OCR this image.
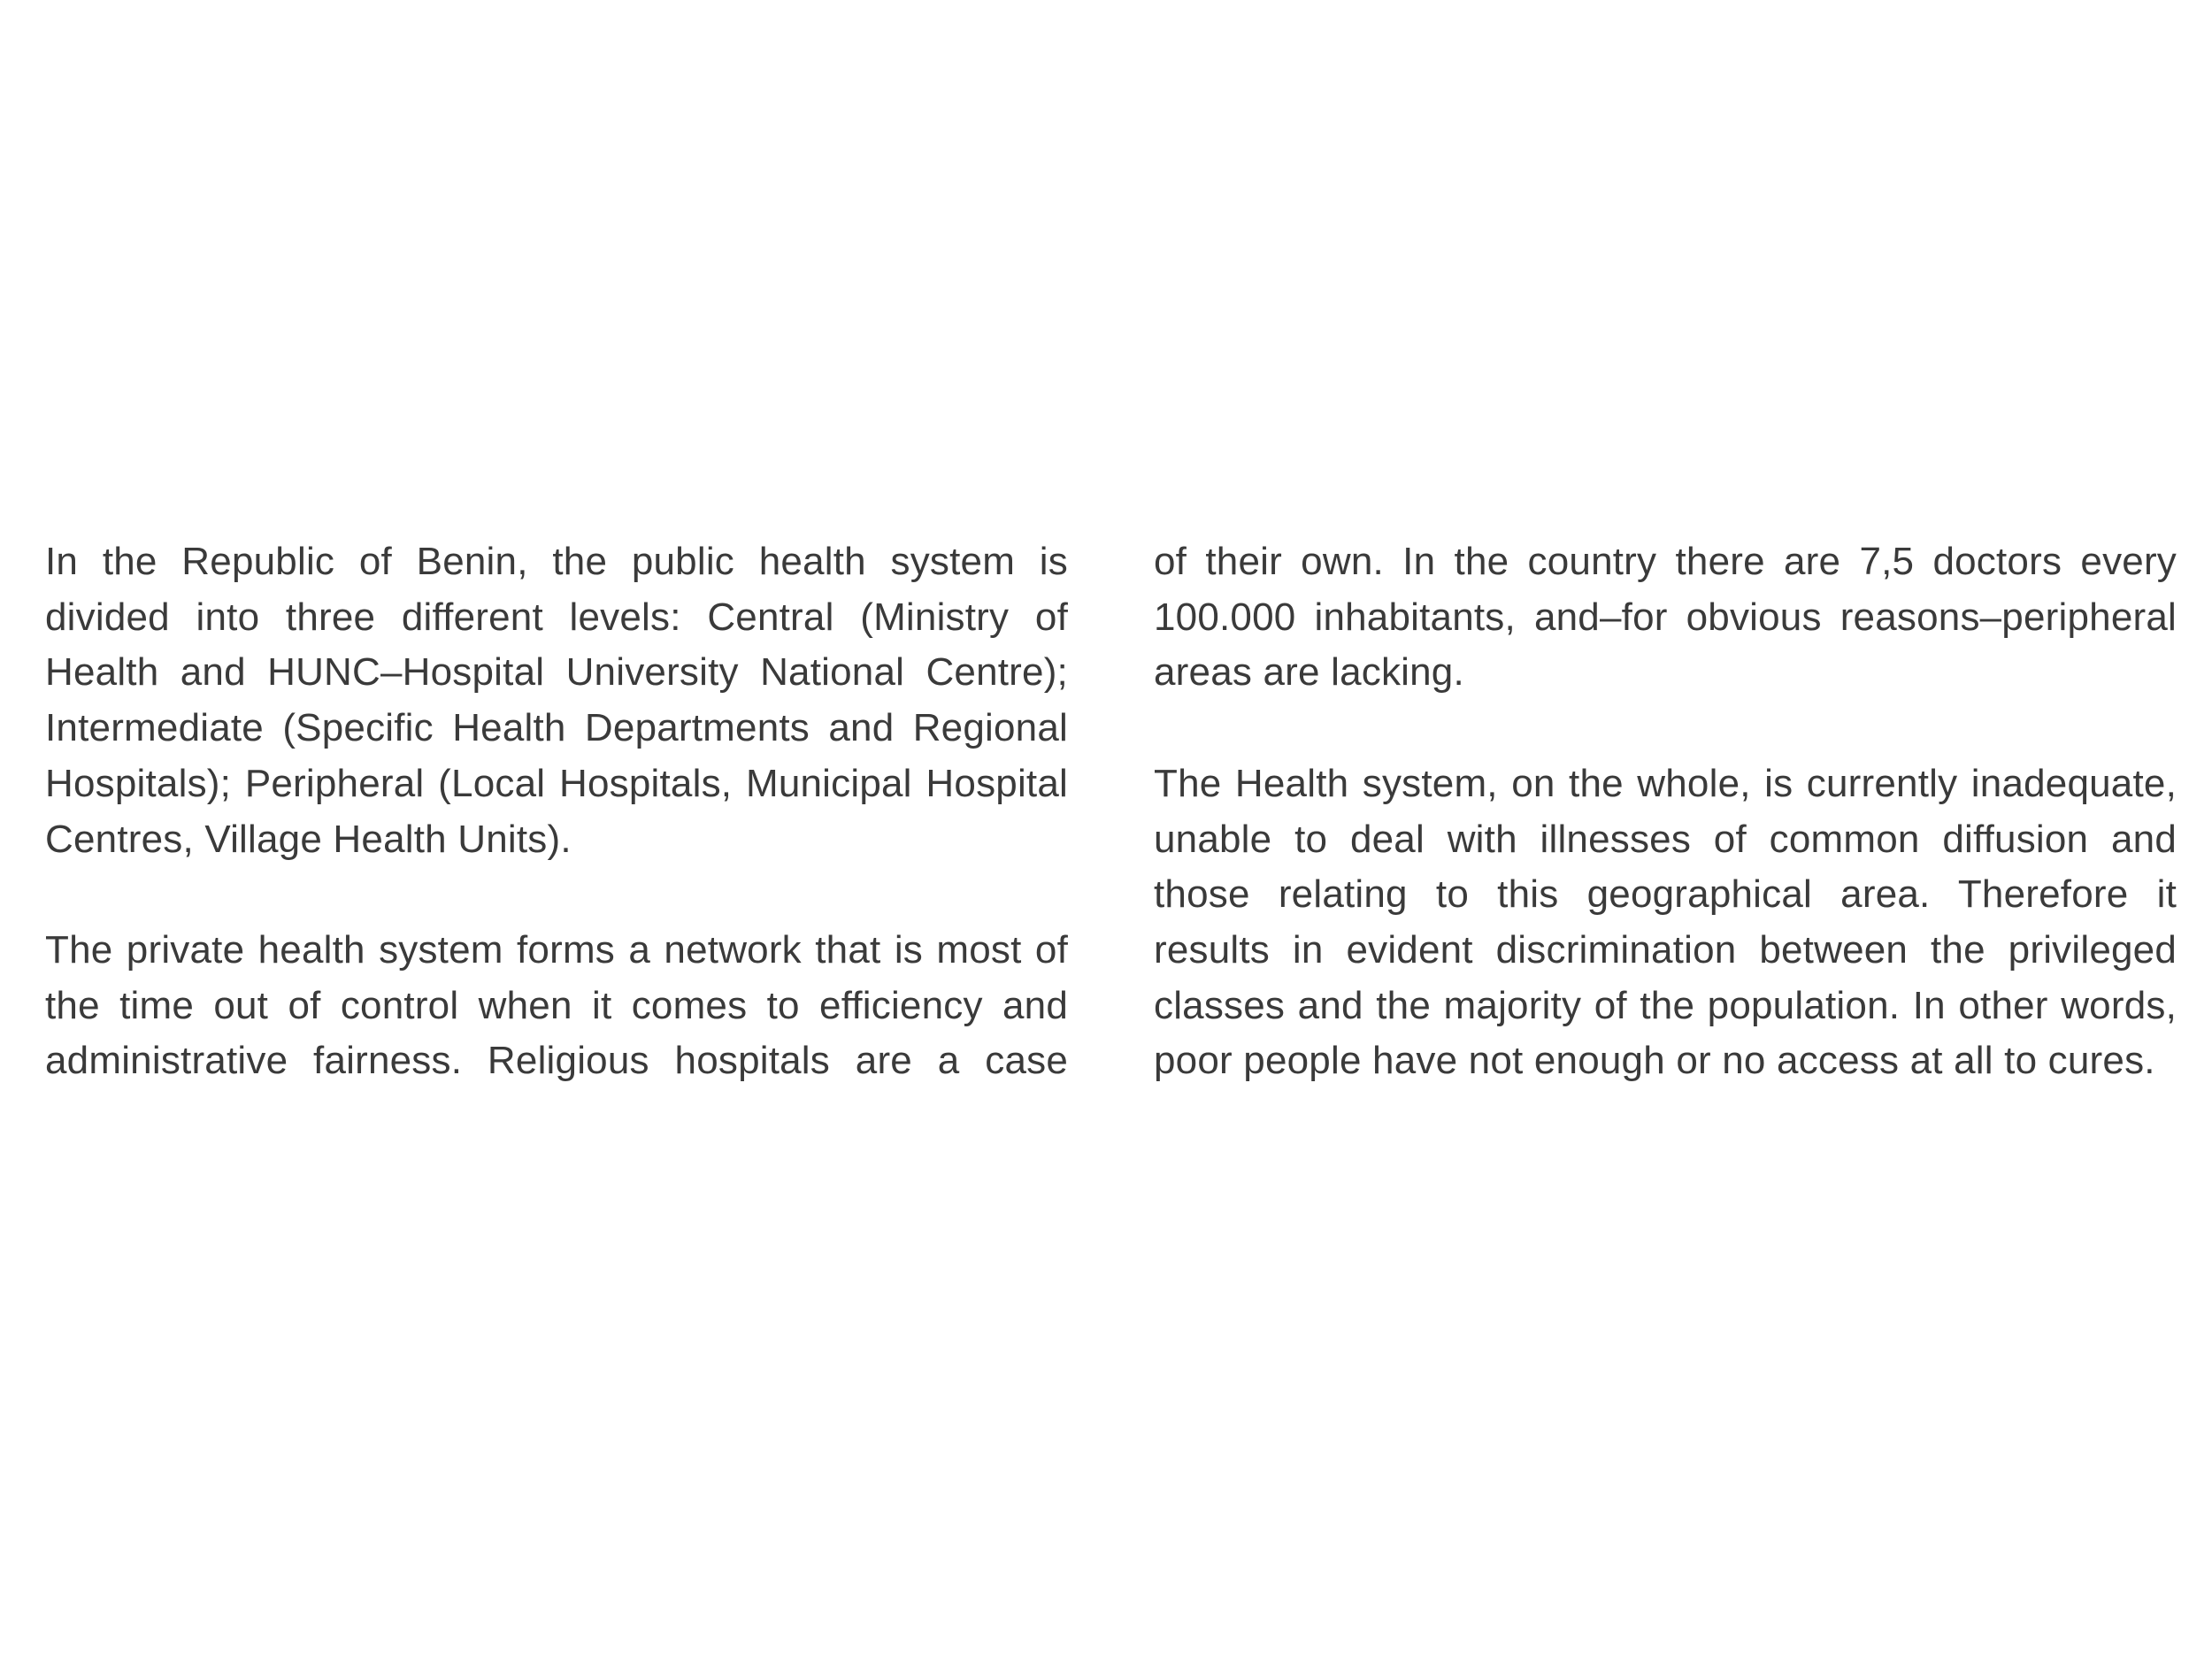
In the Republic of Benin, the public health system is divided into three different levels: Central (Ministry of Health and HUNC–Hospital University National Centre); Intermediate (Specific Health Departments and Regional Hospitals); Peripheral (Local Hospitals, Municipal Hospital Centres, Village Health Units).

The private health system forms a network that is most of the time out of control when it comes to efficiency and administrative fairness. Religious hospitals are a case

of their own. In the country there are 7,5 doctors every 100.000 inhabitants, and–for obvious reasons–peripheral areas are lacking.

The Health system, on the whole, is currently inadequate, unable to deal with illnesses of common diffusion and those relating to this geographical area. Therefore it results in evident discrimination between the privileged classes and the majority of the population. In other words, poor people have not enough or no access at all to cures.
